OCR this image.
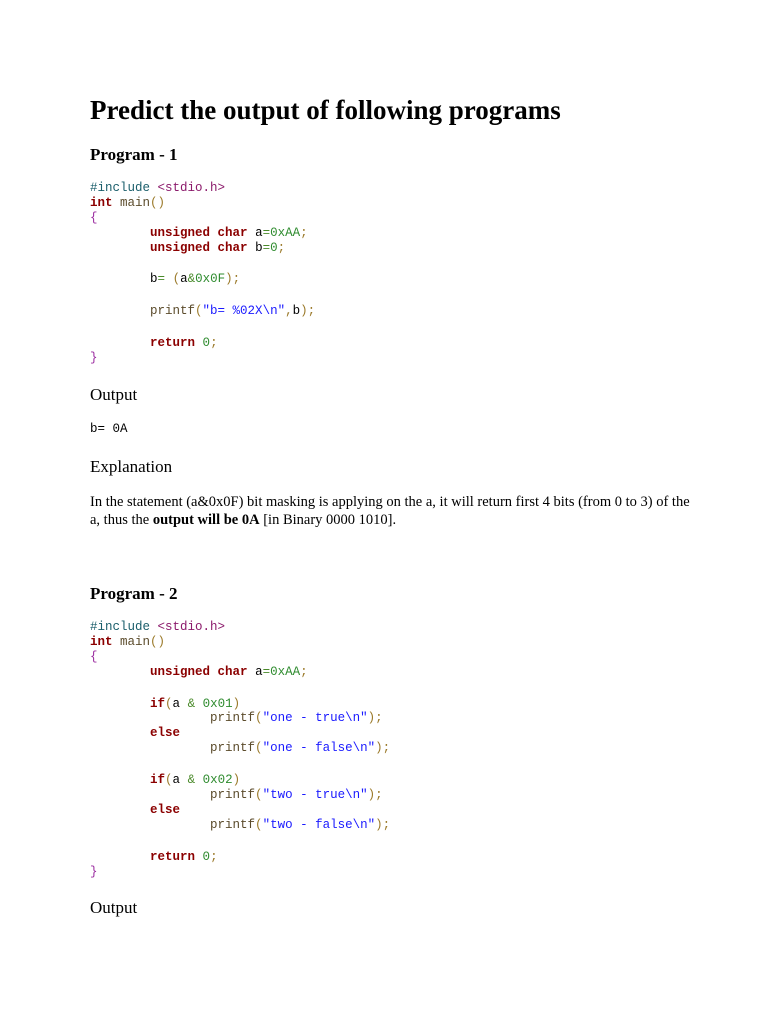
Predict the output of following programs
Program - 1
#include <stdio.h>
int main()
{
unsigned char a=0xAA;
unsigned char b=0;
b= (a&0x0F);
printf("b= %02X\n",b);
return 0;
}
Output

b= 0A

Explanation

In the statement (a&0x0F) bit masking is applying on the a, it will return first 4 bits (from 0 to 3) of the a, thus the output will be 0A [in Binary 0000 1010].

Program - 2
#include <stdio.h>
int main()
{
unsigned char a=0xAA;
if(a & 0x01)
printf("one - true\n");
else
printf("one - false\n");
if(a & 0x02)
printf("two - true\n");
else
printf("two - false\n");
return 0;
}
Output
